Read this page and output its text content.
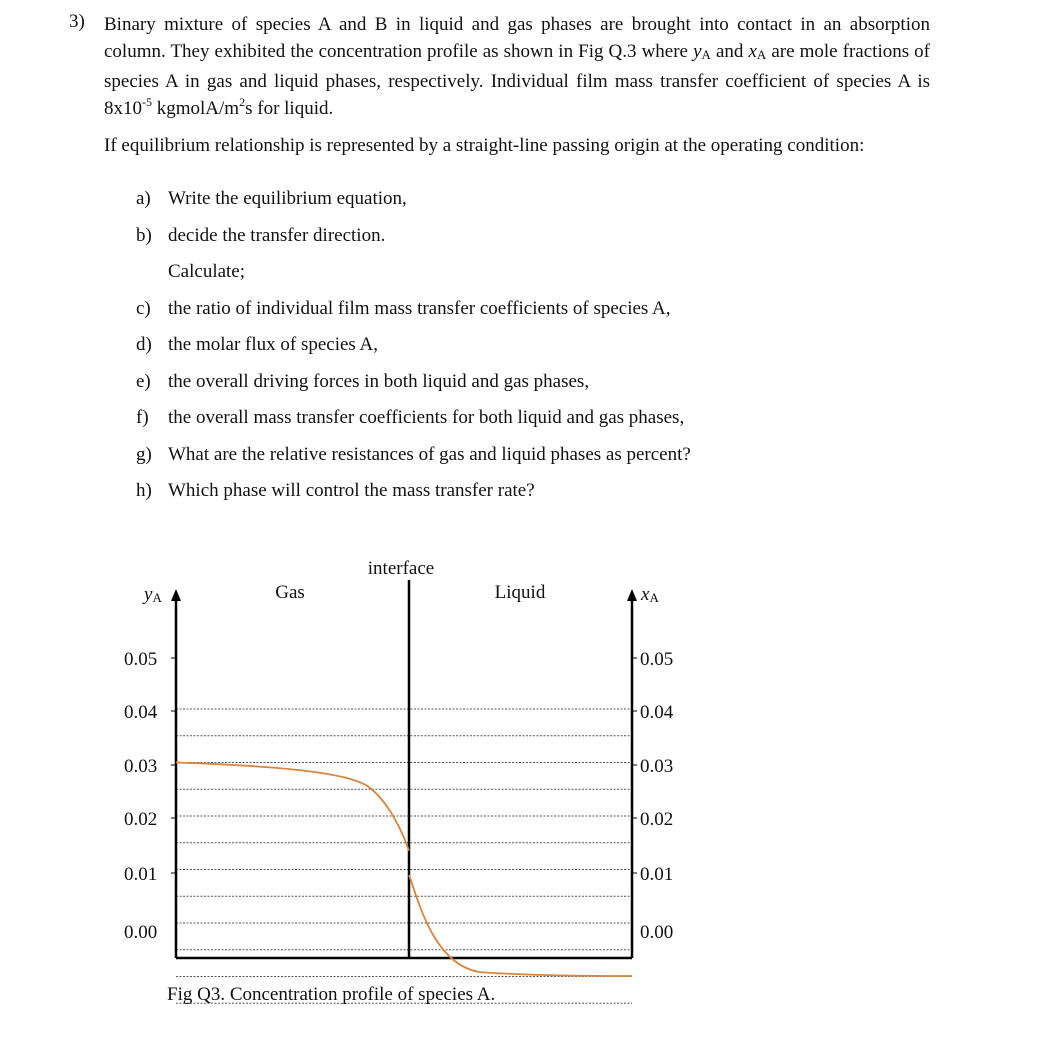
3) Binary mixture of species A and B in liquid and gas phases are brought into contact in an absorption column. They exhibited the concentration profile as shown in Fig Q.3 where $y_A$ and $x_A$ are mole fractions of species A in gas and liquid phases, respectively. Individual film mass transfer coefficient of species A is $8x10^{-5}$ kgmolA/$m^2s$ for liquid.
If equilibrium relationship is represented by a straight-line passing origin at the operating condition:
a) Write the equilibrium equation,
b) decide the transfer direction.
Calculate;
c) the ratio of individual film mass transfer coefficients of species A,
d) the molar flux of species A,
e) the overall driving forces in both liquid and gas phases,
f) the overall mass transfer coefficients for both liquid and gas phases,
g) What are the relative resistances of gas and liquid phases as percent?
h) Which phase will control the mass transfer rate?
interface
Gas	Liquid
yA	xA
0.05	0.05
0.04	0.04
0.03	0.03
0.02	0.02
0.01	0.01
0.00	0.00
Fig Q3. Concentration profile of species A.
